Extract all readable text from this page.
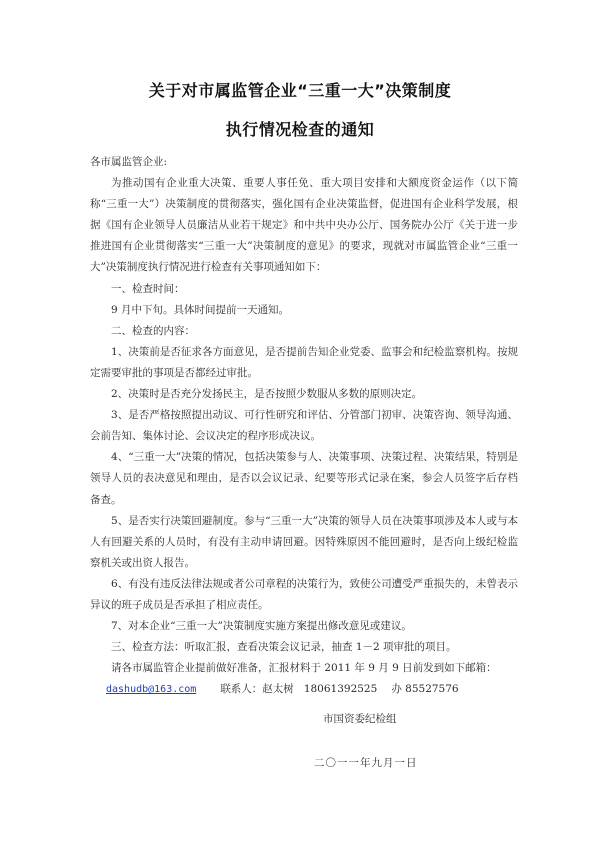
关于对市属监管企业“三重一大”决策制度
执行情况检查的通知

各市属监管企业:

为推动国有企业重大决策、重要人事任免、重大项目安排和大额度资金运作（以下简称“三重一大”）决策制度的贯彻落实，强化国有企业决策监督，促进国有企业科学发展，根据《国有企业领导人员廉洁从业若干规定》和中共中央办公厅、国务院办公厅《关于进一步推进国有企业贯彻落实“三重一大”决策制度的意见》的要求，现就对市属监管企业“三重一大”决策制度执行情况进行检查有关事项通知如下：

一、检查时间：

9 月中下旬。具体时间提前一天通知。

二、检查的内容：

1、决策前是否征求各方面意见，是否提前告知企业党委、监事会和纪检监察机构。按规定需要审批的事项是否都经过审批。

2、决策时是否充分发扬民主，是否按照少数服从多数的原则决定。

3、是否严格按照提出动议、可行性研究和评估、分管部门初审、决策咨询、领导沟通、会前告知、集体讨论、会议决定的程序形成决议。

4、“三重一大”决策的情况，包括决策参与人、决策事项、决策过程、决策结果，特别是领导人员的表决意见和理由，是否以会议记录、纪要等形式记录在案，参会人员签字后存档备查。

5、是否实行决策回避制度。参与“三重一大”决策的领导人员在决策事项涉及本人或与本人有回避关系的人员时，有没有主动申请回避。因特殊原因不能回避时，是否向上级纪检监察机关或出资人报告。

6、有没有违反法律法规或者公司章程的决策行为，致使公司遭受严重损失的，未曾表示异议的班子成员是否承担了相应责任。

7、对本企业“三重一大”决策制度实施方案提出修改意见或建议。

三、检查方法：听取汇报，查看决策会议记录，抽查 1－2 项审批的项目。

请各市属监管企业提前做好准备，汇报材料于 2011 年 9 月 9 日前发到如下邮箱：

dashudb@163.com 联系人：赵太树 18061392525 办 85527576

市国资委纪检组
二〇一一年九月一日
